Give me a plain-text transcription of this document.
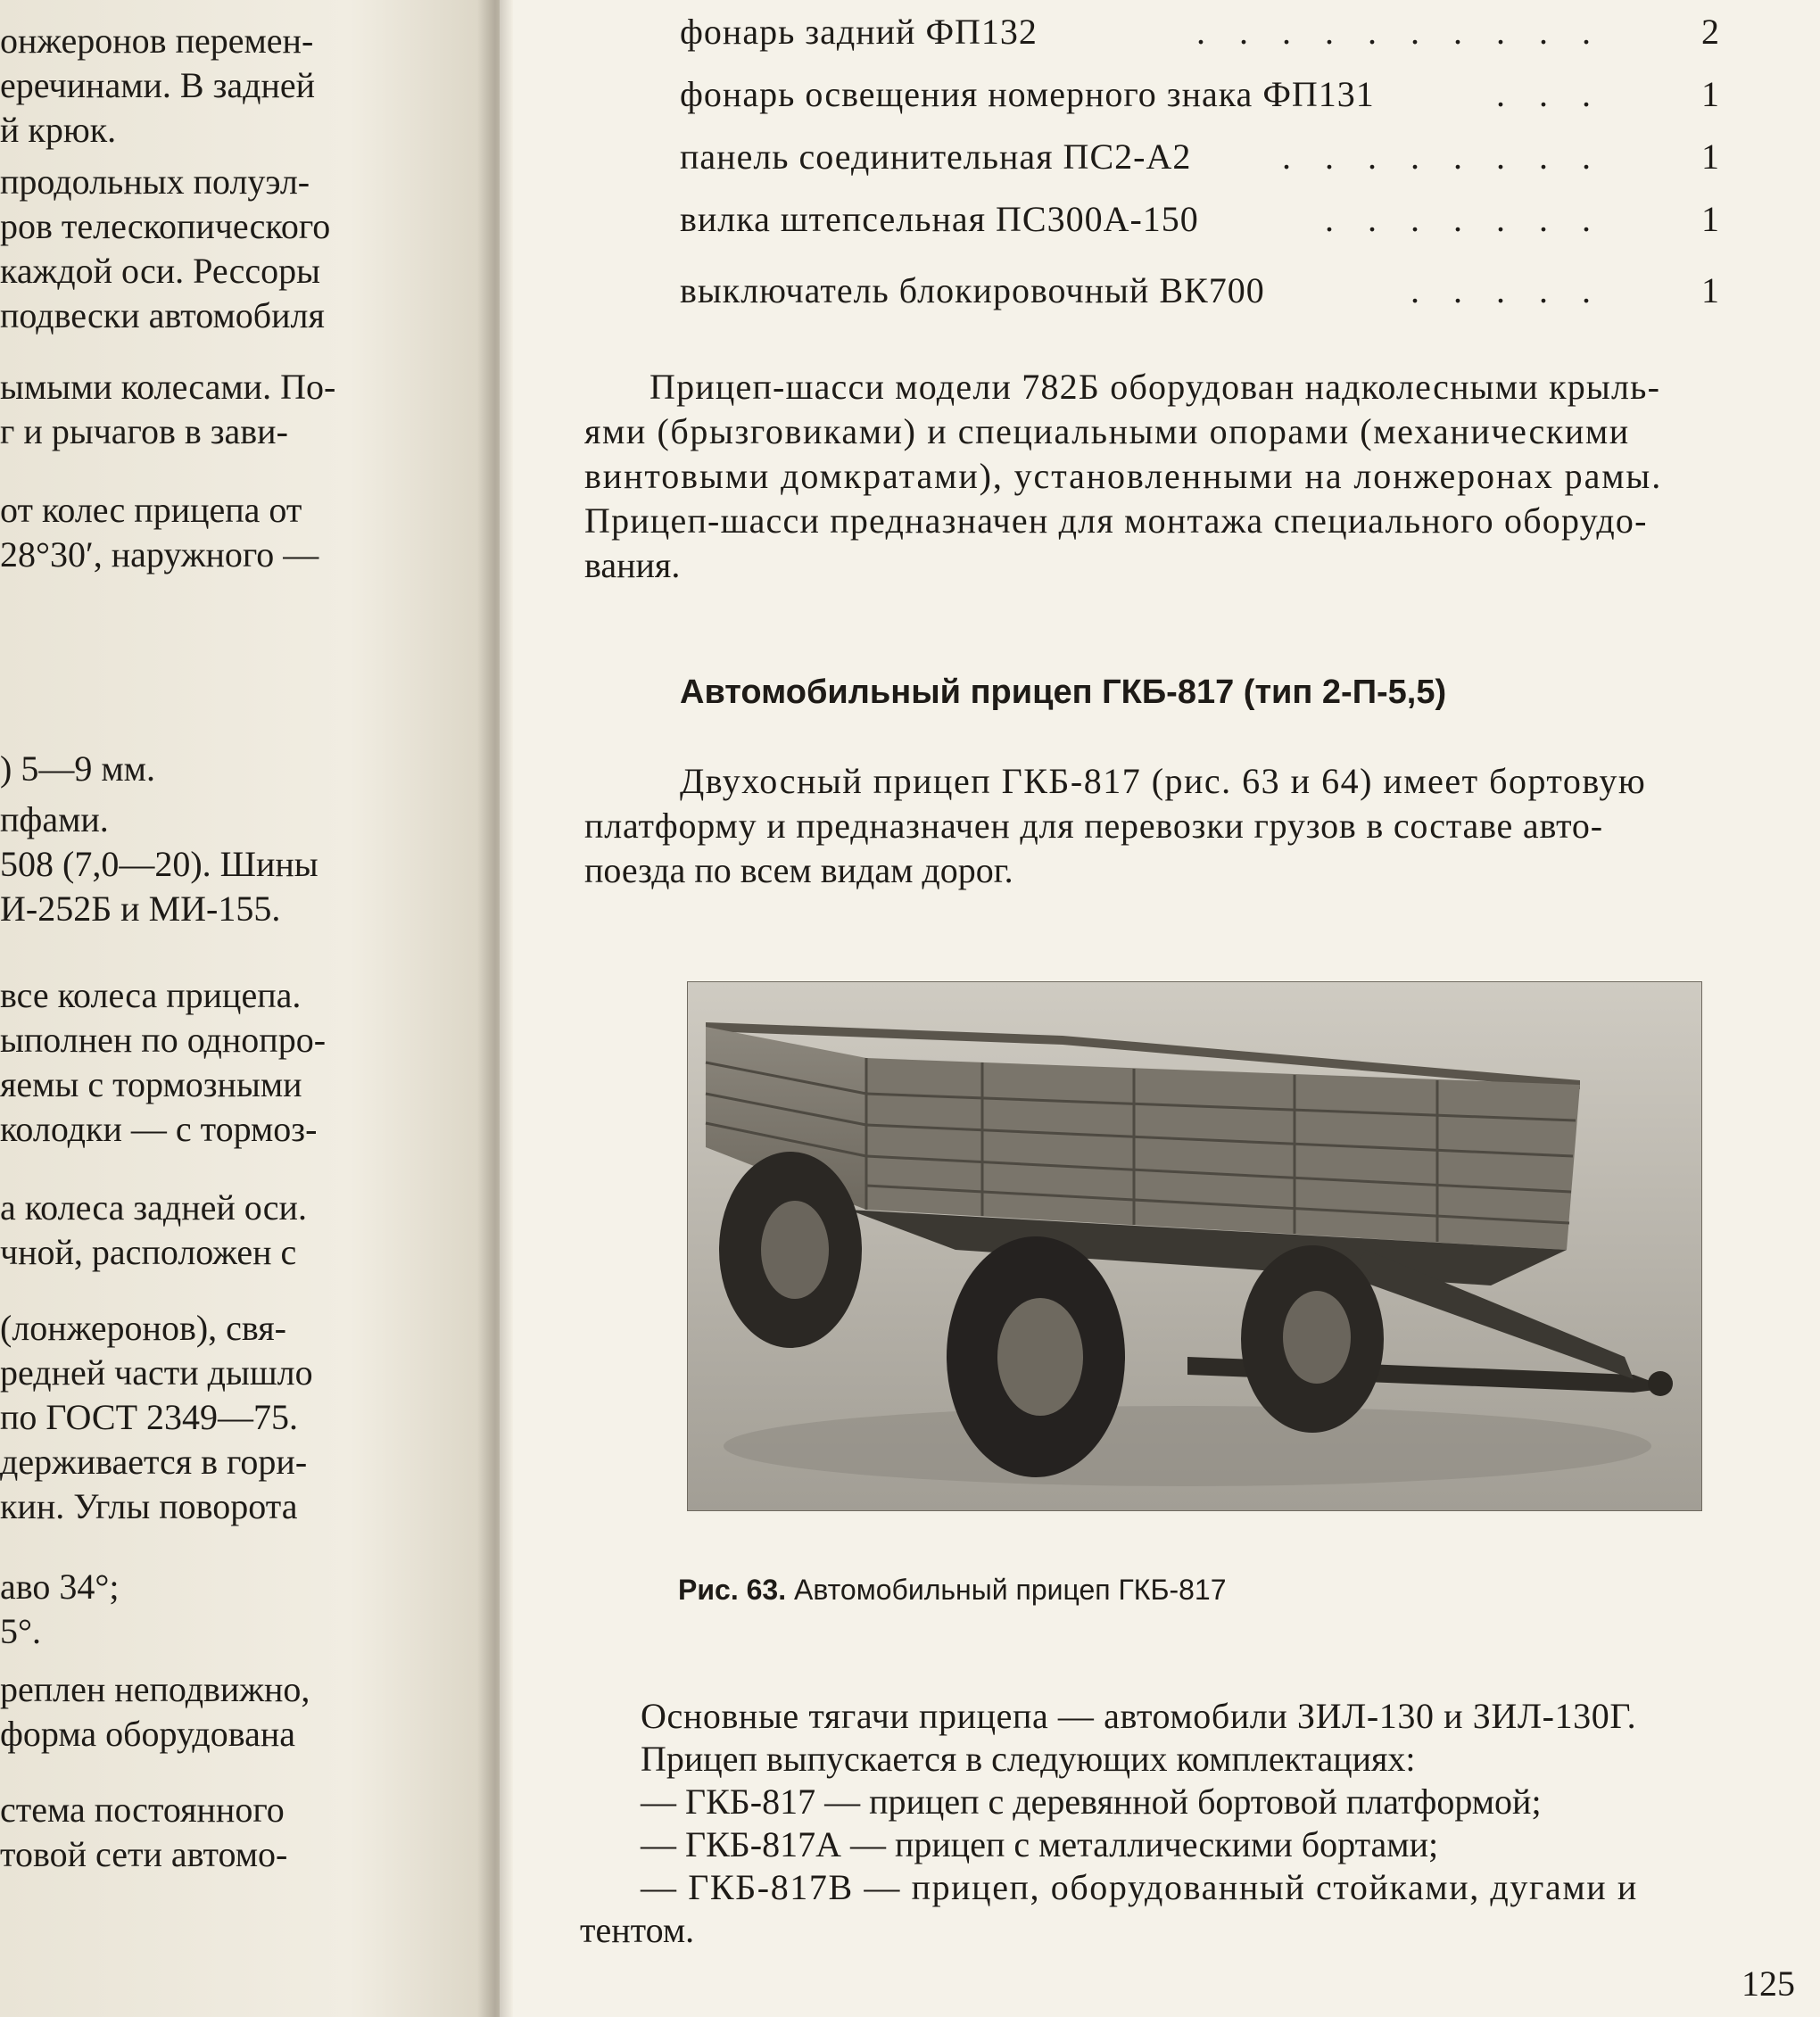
онжеронов перемен-
еречинами. В задней
й крюк.
продольных полуэл-
ров телескопического
каждой оси. Рессоры
подвески автомобиля
ымыми колесами. По-
г и рычагов в зави-
от колес прицепа от
28°30′, наружного —
) 5—9 мм.
пфами.
508 (7,0—20). Шины
И-252Б и МИ-155.
все колеса прицепа.
ыполнен по однопро-
яемы с тормозными
колодки — с тормоз-
а колеса задней оси.
чной, расположен с
(лонжеронов), свя-
редней части дышло
по ГОСТ 2349—75.
держивается в гори-
кин. Углы поворота
аво 34°;
5°.
реплен неподвижно,
форма оборудована
стема постоянного
товой сети автомо-
фонарь задний ФП132	. . . . . . . . . .	2
фонарь освещения номерного знака ФП131	. . .	1
панель соединительная ПС2-А2	. . . . . . . .	1
вилка штепсельная ПС300А-150	. . . . . . .	1
выключатель блокировочный ВК700	. . . . .	1
Прицеп-шасси модели 782Б оборудован надколесными крыль-
ями (брызговиками) и специальными опорами (механическими
винтовыми домкратами), установленными на лонжеронах рамы.
Прицеп-шасси предназначен для монтажа специального оборудо-
вания.
Автомобильный прицеп ГКБ-817 (тип 2-П-5,5)
Двухосный прицеп ГКБ-817 (рис. 63 и 64) имеет бортовую
платформу и предназначен для перевозки грузов в составе авто-
поезда по всем видам дорог.
Рис. 63. Автомобильный прицеп ГКБ-817
Основные тягачи прицепа — автомобили ЗИЛ-130 и ЗИЛ-130Г.
Прицеп выпускается в следующих комплектациях:
— ГКБ-817 — прицеп с деревянной бортовой платформой;
— ГКБ-817А — прицеп с металлическими бортами;
— ГКБ-817В — прицеп, оборудованный стойками, дугами и
тентом.
125
